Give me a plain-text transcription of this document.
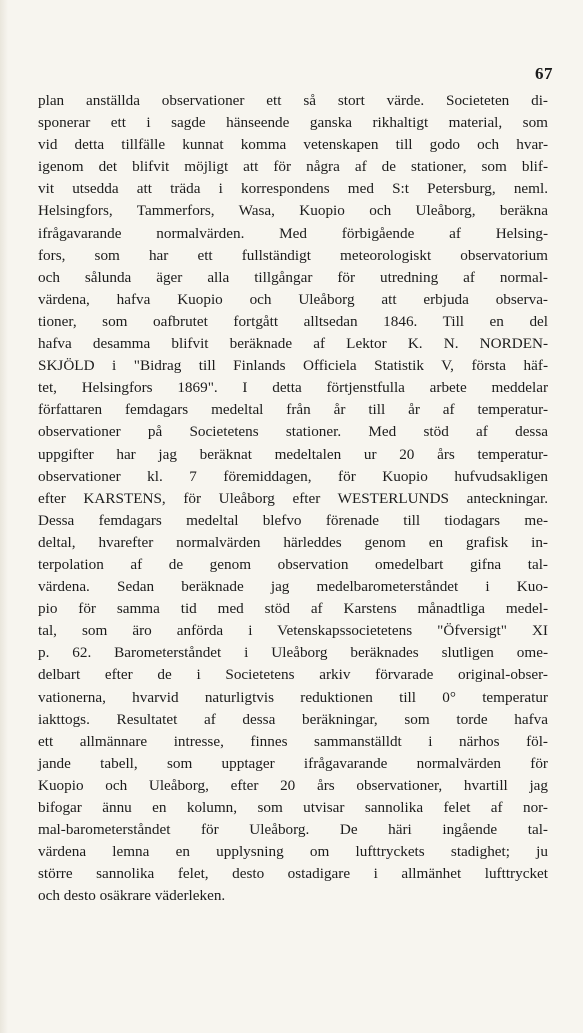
67
plan anställda observationer ett så stort värde. Societeten di-
sponerar ett i sagde hänseende ganska rikhaltigt material, som
vid detta tillfälle kunnat komma vetenskapen till godo och hvar-
igenom det blifvit möjligt att för några af de stationer, som blif-
vit utsedda att träda i korrespondens med S:t Petersburg, neml.
Helsingfors, Tammerfors, Wasa, Kuopio och Uleåborg, beräkna
ifrågavarande normalvärden. Med förbigående af Helsing-
fors, som har ett fullständigt meteorologiskt observatorium
och sålunda äger alla tillgångar för utredning af normal-
värdena, hafva Kuopio och Uleåborg att erbjuda observa-
tioner, som oafbrutet fortgått alltsedan 1846. Till en del
hafva desamma blifvit beräknade af Lektor K. N. NORDEN-
SKJÖLD i "Bidrag till Finlands Officiela Statistik V, första häf-
tet, Helsingfors 1869". I detta förtjenstfulla arbete meddelar
författaren femdagars medeltal från år till år af temperatur-
observationer på Societetens stationer. Med stöd af dessa
uppgifter har jag beräknat medeltalen ur 20 års temperatur-
observationer kl. 7 föremiddagen, för Kuopio hufvudsakligen
efter KARSTENS, för Uleåborg efter WESTERLUNDS anteckningar.
Dessa femdagars medeltal blefvo förenade till tiodagars me-
deltal, hvarefter normalvärden härleddes genom en grafisk in-
terpolation af de genom observation omedelbart gifna tal-
värdena. Sedan beräknade jag medelbarometerståndet i Kuo-
pio för samma tid med stöd af Karstens månadtliga medel-
tal, som äro anförda i Vetenskapssocietetens "Öfversigt" XI
p. 62. Barometerståndet i Uleåborg beräknades slutligen ome-
delbart efter de i Societetens arkiv förvarade original-obser-
vationerna, hvarvid naturligtvis reduktionen till 0° temperatur
iakttogs. Resultatet af dessa beräkningar, som torde hafva
ett allmännare intresse, finnes sammanställdt i närhos föl-
jande tabell, som upptager ifrågavarande normalvärden för
Kuopio och Uleåborg, efter 20 års observationer, hvartill jag
bifogar ännu en kolumn, som utvisar sannolika felet af nor-
mal-barometerståndet för Uleåborg. De häri ingående tal-
värdena lemna en upplysning om lufttryckets stadighet; ju
större sannolika felet, desto ostadigare i allmänhet lufttrycket
och desto osäkrare väderleken.
